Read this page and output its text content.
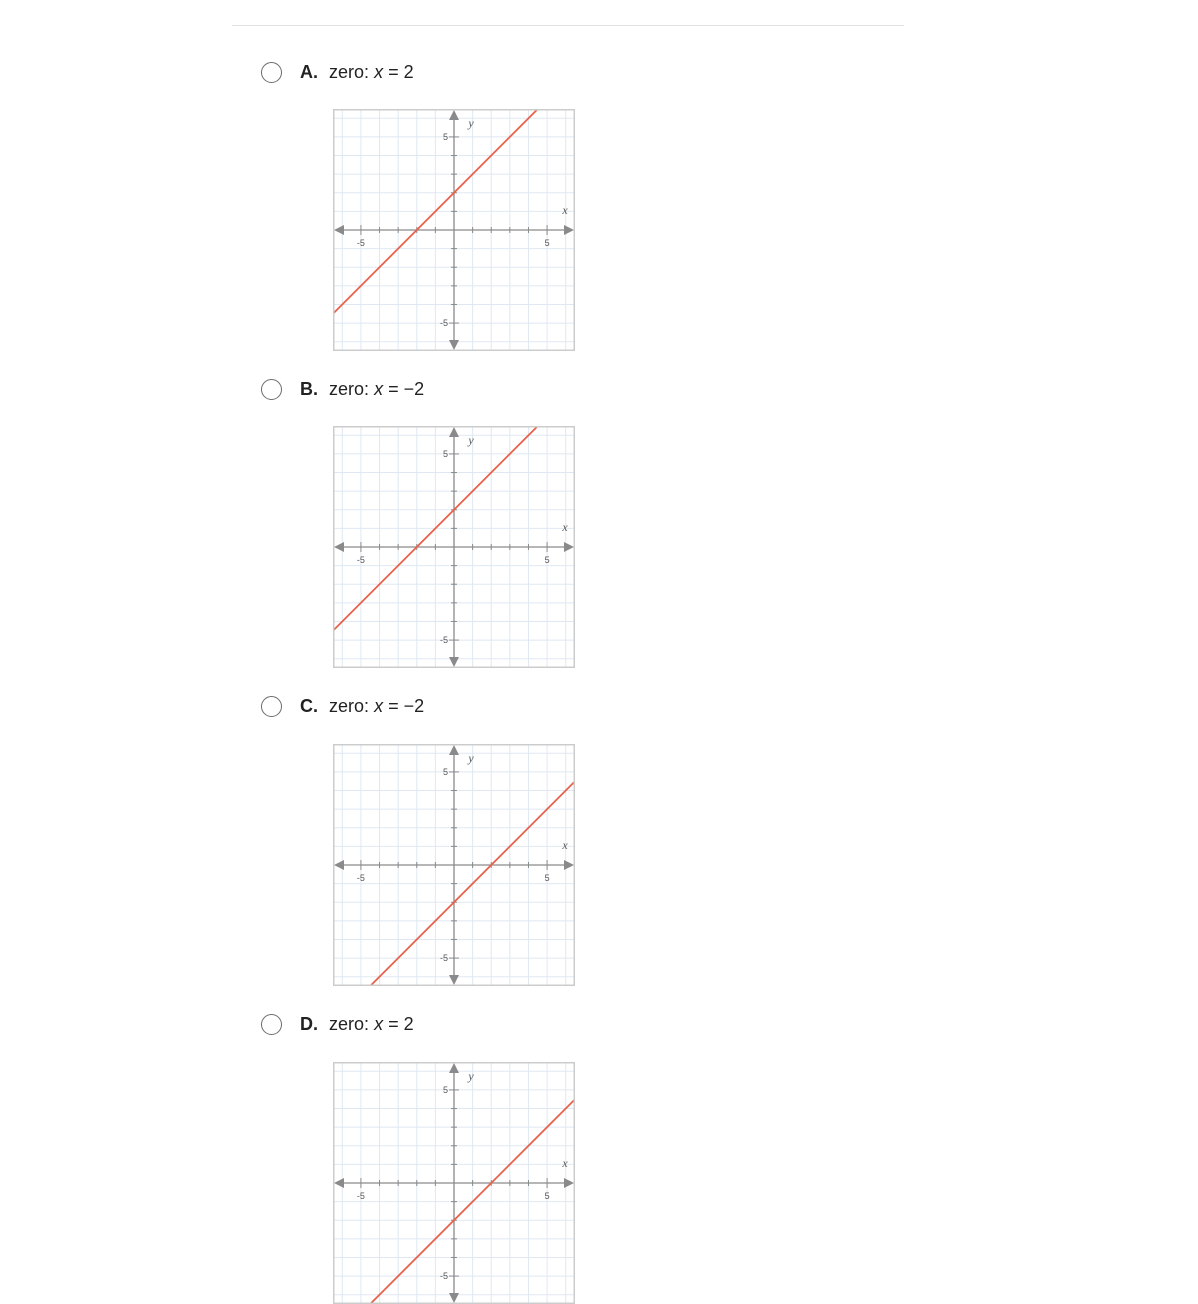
A. zero: x = 2
-5	5
5
-5
x
y
B. zero: x = −2
-5	5
5
-5
x
y
C. zero: x = −2
-5	5
5
-5
x
y
D. zero: x = 2
-5	5
5
-5
x
y
